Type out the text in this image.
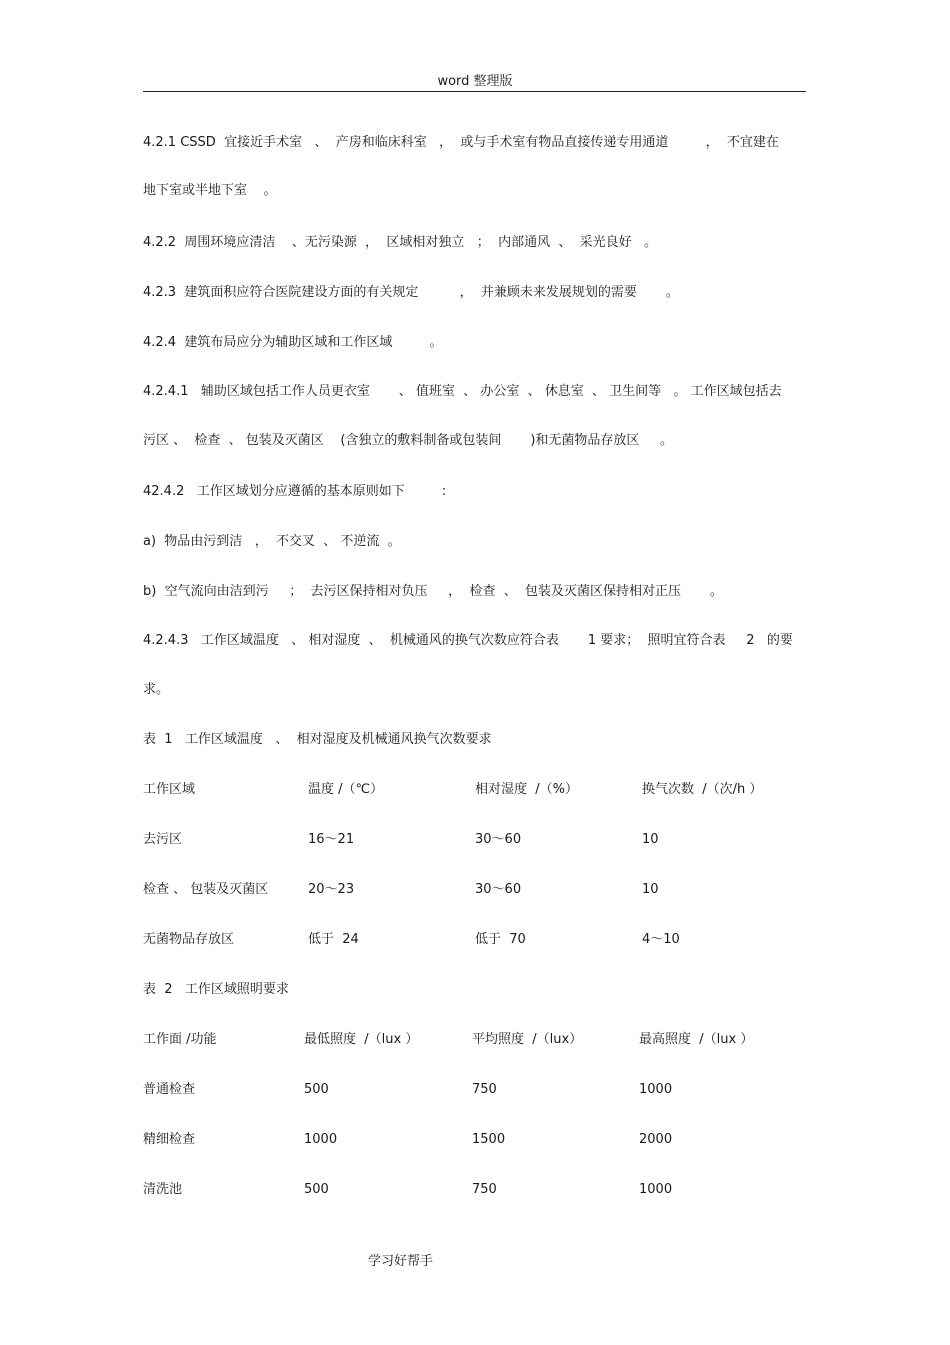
word 整理版
4.2.1 CSSD  宜接近手术室   、  产房和临床科室   ，  或与手术室有物品直接传递专用通道         ，  不宜建在
地下室或半地下室    。
4.2.2  周围环境应清洁    、无污染源  ，  区域相对独立   ；  内部通风  、  采光良好   。
4.2.3  建筑面积应符合医院建设方面的有关规定          ，  并兼顾未来发展规划的需要       。
4.2.4  建筑布局应分为辅助区域和工作区域         。
4.2.4.1   辅助区域包括工作人员更衣室       、 值班室  、 办公室  、 休息室  、 卫生间等   。 工作区域包括去
污区 、  检查  、 包装及灭菌区    (含独立的敷料制备或包装间       )和无菌物品存放区     。
42.4.2   工作区域划分应遵循的基本原则如下         :
a)  物品由污到洁   ，  不交叉  、 不逆流  。
b)  空气流向由洁到污     ；  去污区保持相对负压     ，  检查  、  包装及灭菌区保持相对正压       。
4.2.4.3   工作区域温度   、 相对湿度  、  机械通风的换气次数应符合表       1 要求；  照明宜符合表     2   的要
求。
表  1   工作区域温度   、  相对湿度及机械通风换气次数要求
工作区域	温度 /（℃）	相对湿度  /（%）	换气次数  /（次/h ）
去污区	16～21	30～60	10
检查 、 包装及灭菌区	20～23	30～60	10
无菌物品存放区	低于  24	低于  70	4～10
表  2   工作区域照明要求
工作面 /功能	最低照度  /（lux ）	平均照度  /（lux）	最高照度  /（lux ）
普通检查	500	750	1000
精细检查	1000	1500	2000
清洗池	500	750	1000
学习好帮手
